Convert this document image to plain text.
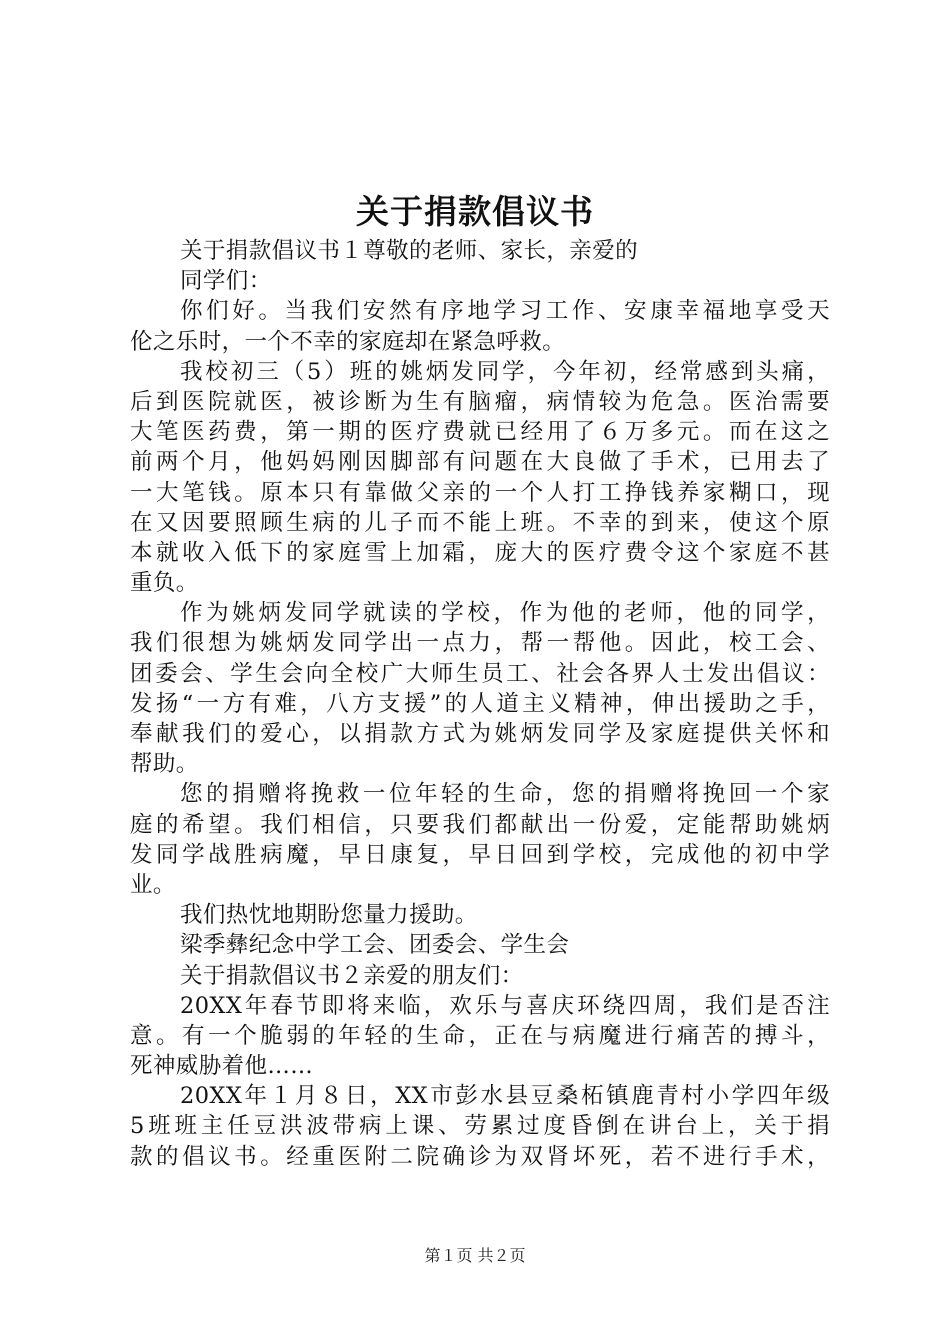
关于捐款倡议书
关于捐款倡议书１尊敬的老师、家长，亲爱的
同学们：
你们好。当我们安然有序地学习工作、安康幸福地享受天
伦之乐时，一个不幸的家庭却在紧急呼救。
我校初三（5）班的姚炳发同学，今年初，经常感到头痛，
后到医院就医，被诊断为生有脑瘤，病情较为危急。医治需要
大笔医药费，第一期的医疗费就已经用了６万多元。而在这之
前两个月，他妈妈刚因脚部有问题在大良做了手术，已用去了
一大笔钱。原本只有靠做父亲的一个人打工挣钱养家糊口，现
在又因要照顾生病的儿子而不能上班。不幸的到来，使这个原
本就收入低下的家庭雪上加霜，庞大的医疗费令这个家庭不甚
重负。
作为姚炳发同学就读的学校，作为他的老师，他的同学，
我们很想为姚炳发同学出一点力，帮一帮他。因此，校工会、
团委会、学生会向全校广大师生员工、社会各界人士发出倡议：
发扬“一方有难，八方支援”的人道主义精神，伸出援助之手，
奉献我们的爱心，以捐款方式为姚炳发同学及家庭提供关怀和
帮助。
您的捐赠将挽救一位年轻的生命，您的捐赠将挽回一个家
庭的希望。我们相信，只要我们都献出一份爱，定能帮助姚炳
发同学战胜病魔，早日康复，早日回到学校，完成他的初中学
业。
我们热忱地期盼您量力援助。
梁季彝纪念中学工会、团委会、学生会
关于捐款倡议书２亲爱的朋友们：
20XX年春节即将来临，欢乐与喜庆环绕四周，我们是否注
意。有一个脆弱的年轻的生命，正在与病魔进行痛苦的搏斗，
死神威胁着他……
20XX年１月８日，XX市彭水县豆桑柘镇鹿青村小学四年级
5班班主任豆洪波带病上课、劳累过度昏倒在讲台上，关于捐
款的倡议书。经重医附二院确诊为双肾坏死，若不进行手术，
第１页 共２页
